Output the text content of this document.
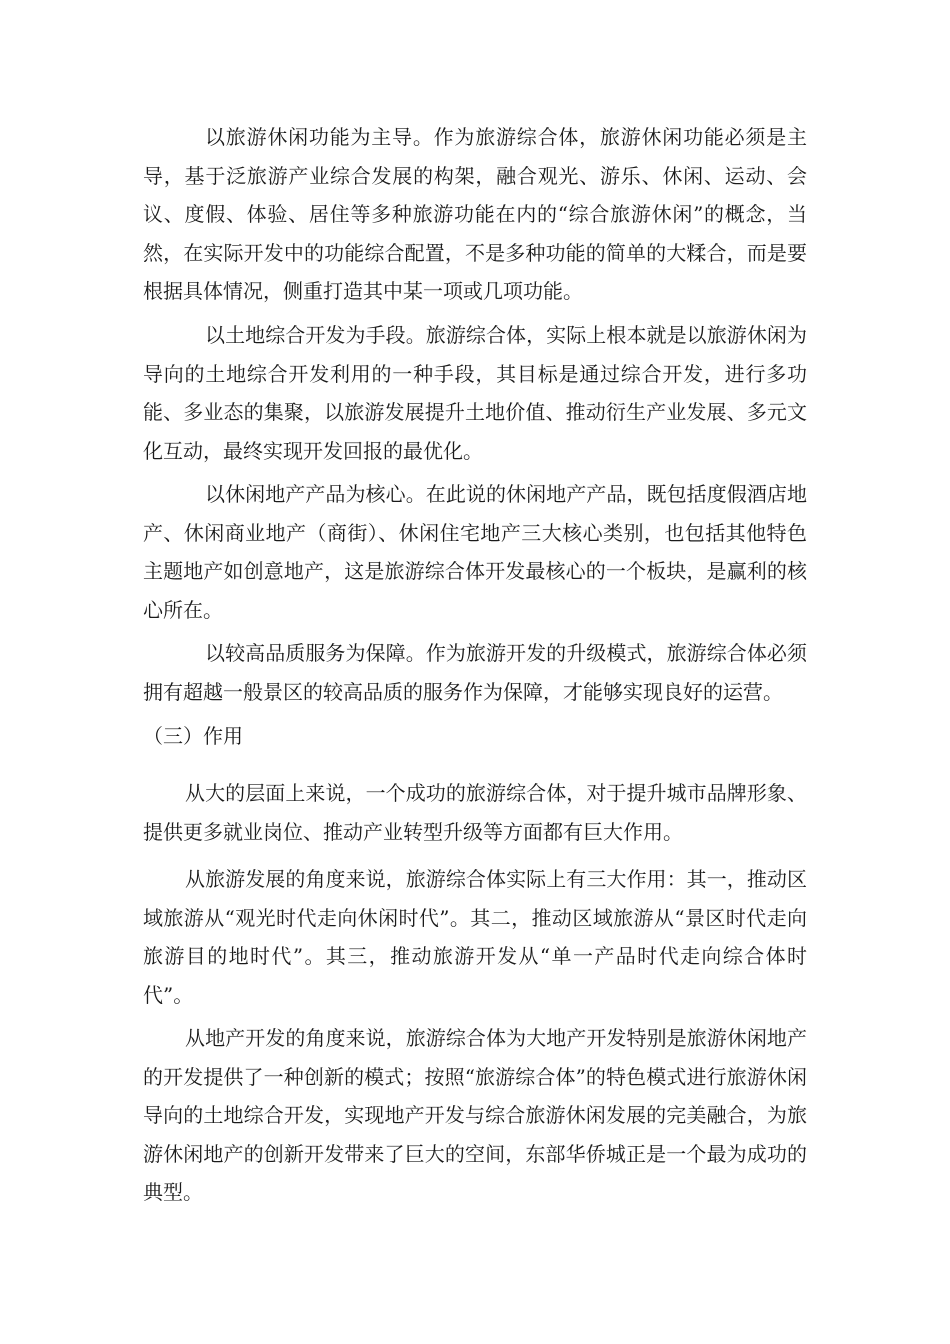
以旅游休闲功能为主导。作为旅游综合体，旅游休闲功能必须是主导，基于泛旅游产业综合发展的构架，融合观光、游乐、休闲、运动、会议、度假、体验、居住等多种旅游功能在内的“综合旅游休闲”的概念，当然，在实际开发中的功能综合配置，不是多种功能的简单的大糅合，而是要根据具体情况，侧重打造其中某一项或几项功能。

以土地综合开发为手段。旅游综合体，实际上根本就是以旅游休闲为导向的土地综合开发利用的一种手段，其目标是通过综合开发，进行多功能、多业态的集聚，以旅游发展提升土地价值、推动衍生产业发展、多元文化互动，最终实现开发回报的最优化。

以休闲地产产品为核心。在此说的休闲地产产品，既包括度假酒店地产、休闲商业地产（商街）、休闲住宅地产三大核心类别，也包括其他特色主题地产如创意地产，这是旅游综合体开发最核心的一个板块，是赢利的核心所在。

以较高品质服务为保障。作为旅游开发的升级模式，旅游综合体必须拥有超越一般景区的较高品质的服务作为保障，才能够实现良好的运营。

（三）作用

从大的层面上来说，一个成功的旅游综合体，对于提升城市品牌形象、提供更多就业岗位、推动产业转型升级等方面都有巨大作用。

从旅游发展的角度来说，旅游综合体实际上有三大作用：其一，推动区域旅游从“观光时代走向休闲时代”。其二，推动区域旅游从“景区时代走向旅游目的地时代”。其三，推动旅游开发从“单一产品时代走向综合体时代”。

从地产开发的角度来说，旅游综合体为大地产开发特别是旅游休闲地产的开发提供了一种创新的模式；按照“旅游综合体”的特色模式进行旅游休闲导向的土地综合开发，实现地产开发与综合旅游休闲发展的完美融合，为旅游休闲地产的创新开发带来了巨大的空间，东部华侨城正是一个最为成功的典型。
